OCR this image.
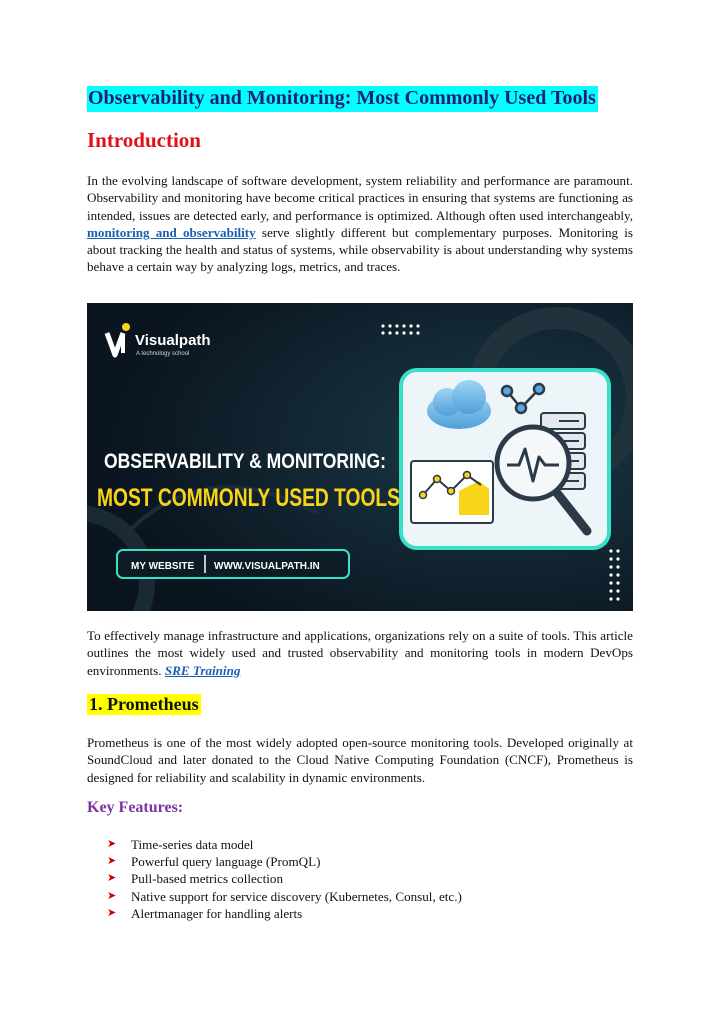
Observability and Monitoring: Most Commonly Used Tools
Introduction

In the evolving landscape of software development, system reliability and performance are paramount. Observability and monitoring have become critical practices in ensuring that systems are functioning as intended, issues are detected early, and performance is optimized. Although often used interchangeably, monitoring and observability serve slightly different but complementary purposes. Monitoring is about tracking the health and status of systems, while observability is about understanding why systems behave a certain way by analyzing logs, metrics, and traces.

Visualpath
A technology school
OBSERVABILITY & MONITORING:
MOST COMMONLY USED TOOLS
MY WEBSITE WWW.VISUALPATH.IN

To effectively manage infrastructure and applications, organizations rely on a suite of tools. This article outlines the most widely used and trusted observability and monitoring tools in modern DevOps environments. SRE Training

1. Prometheus

Prometheus is one of the most widely adopted open-source monitoring tools. Developed originally at SoundCloud and later donated to the Cloud Native Computing Foundation (CNCF), Prometheus is designed for reliability and scalability in dynamic environments.

Key Features:
➤	Time-series data model
➤	Powerful query language (PromQL)
➤	Pull-based metrics collection
➤	Native support for service discovery (Kubernetes, Consul, etc.)
➤	Alertmanager for handling alerts
